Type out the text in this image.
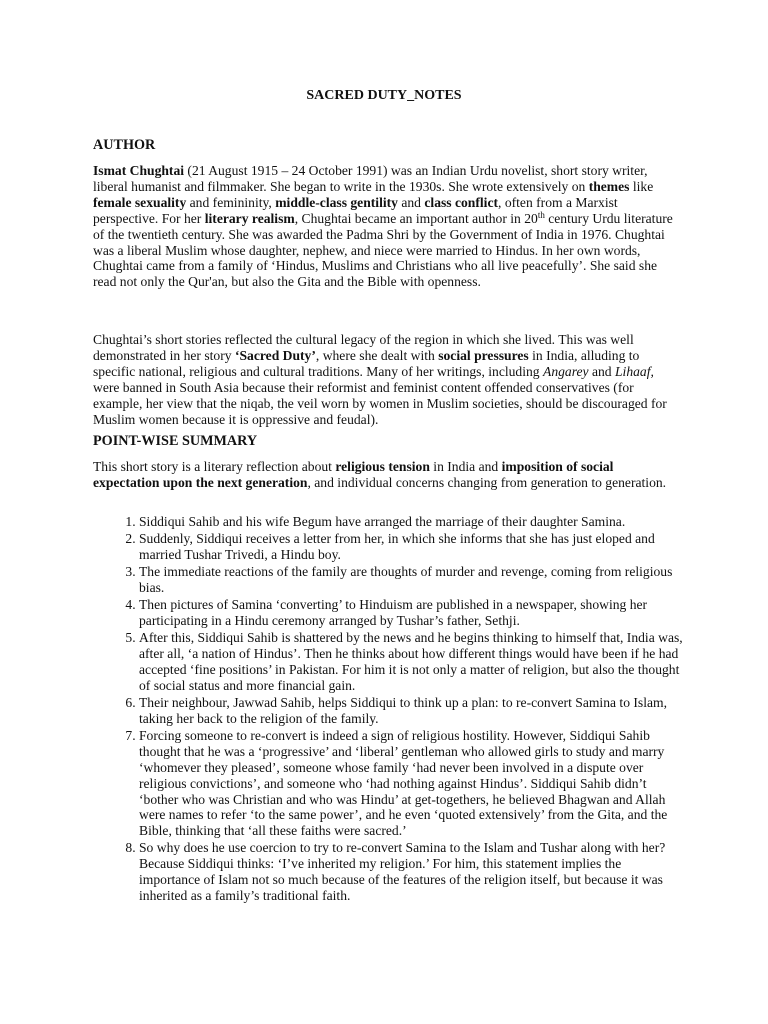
SACRED DUTY_NOTES
AUTHOR
Ismat Chughtai (21 August 1915 – 24 October 1991) was an Indian Urdu novelist, short story writer, liberal humanist and filmmaker. She began to write in the 1930s. She wrote extensively on themes like female sexuality and femininity, middle-class gentility and class conflict, often from a Marxist perspective. For her literary realism, Chughtai became an important author in 20th century Urdu literature of the twentieth century. She was awarded the Padma Shri by the Government of India in 1976. Chughtai was a liberal Muslim whose daughter, nephew, and niece were married to Hindus. In her own words, Chughtai came from a family of ‘Hindus, Muslims and Christians who all live peacefully’. She said she read not only the Qur'an, but also the Gita and the Bible with openness.
Chughtai’s short stories reflected the cultural legacy of the region in which she lived. This was well demonstrated in her story ‘Sacred Duty’, where she dealt with social pressures in India, alluding to specific national, religious and cultural traditions. Many of her writings, including Angarey and Lihaaf, were banned in South Asia because their reformist and feminist content offended conservatives (for example, her view that the niqab, the veil worn by women in Muslim societies, should be discouraged for Muslim women because it is oppressive and feudal).
POINT-WISE SUMMARY
This short story is a literary reflection about religious tension in India and imposition of social expectation upon the next generation, and individual concerns changing from generation to generation.
1. Siddiqui Sahib and his wife Begum have arranged the marriage of their daughter Samina.
2. Suddenly, Siddiqui receives a letter from her, in which she informs that she has just eloped and married Tushar Trivedi, a Hindu boy.
3. The immediate reactions of the family are thoughts of murder and revenge, coming from religious bias.
4. Then pictures of Samina ‘converting’ to Hinduism are published in a newspaper, showing her participating in a Hindu ceremony arranged by Tushar’s father, Sethji.
5. After this, Siddiqui Sahib is shattered by the news and he begins thinking to himself that, India was, after all, ‘a nation of Hindus’. Then he thinks about how different things would have been if he had accepted ‘fine positions’ in Pakistan. For him it is not only a matter of religion, but also the thought of social status and more financial gain.
6. Their neighbour, Jawwad Sahib, helps Siddiqui to think up a plan: to re-convert Samina to Islam, taking her back to the religion of the family.
7. Forcing someone to re-convert is indeed a sign of religious hostility. However, Siddiqui Sahib thought that he was a ‘progressive’ and ‘liberal’ gentleman who allowed girls to study and marry ‘whomever they pleased’, someone whose family ‘had never been involved in a dispute over religious convictions’, and someone who ‘had nothing against Hindus’. Siddiqui Sahib didn’t ‘bother who was Christian and who was Hindu’ at get-togethers, he believed Bhagwan and Allah were names to refer ‘to the same power’, and he even ‘quoted extensively’ from the Gita, and the Bible, thinking that ‘all these faiths were sacred.’
8. So why does he use coercion to try to re-convert Samina to the Islam and Tushar along with her? Because Siddiqui thinks: ‘I’ve inherited my religion.’ For him, this statement implies the importance of Islam not so much because of the features of the religion itself, but because it was inherited as a family’s traditional faith.
